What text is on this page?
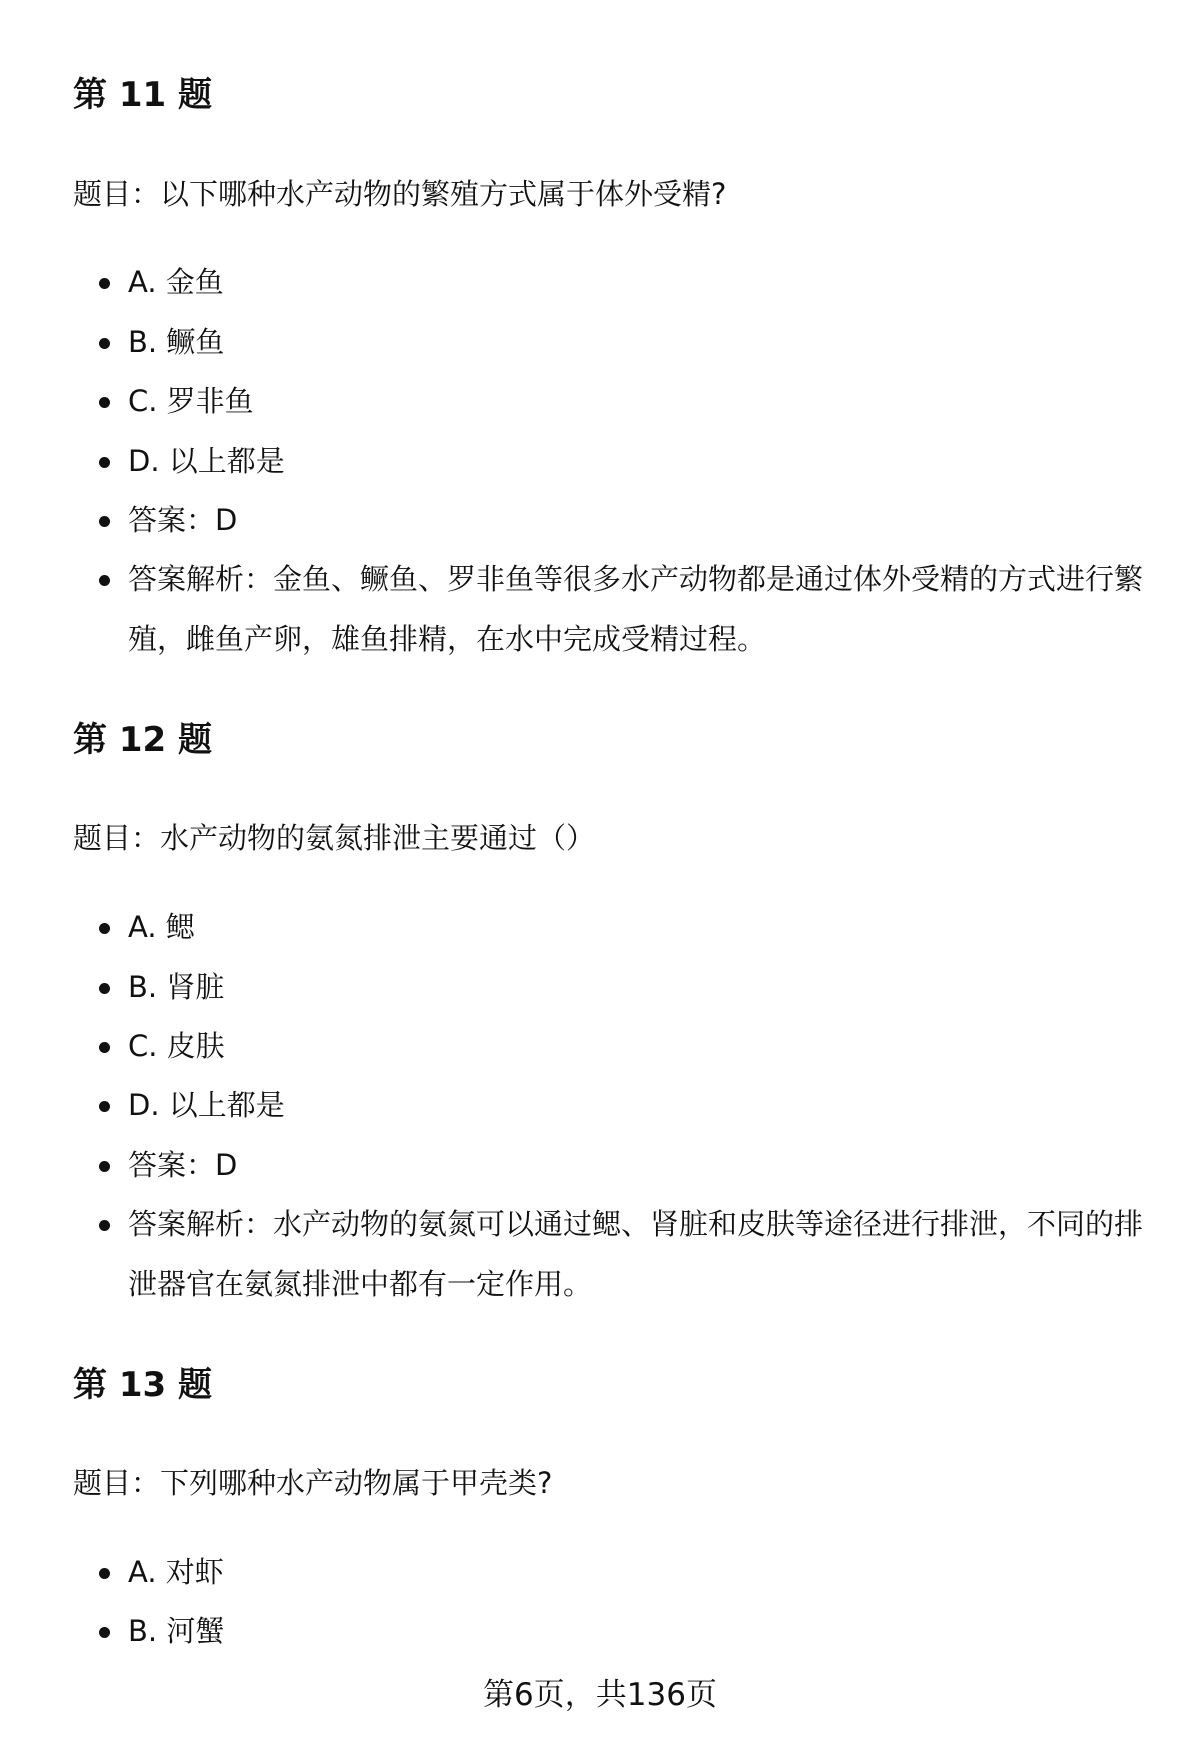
第 11 题

题目：以下哪种水产动物的繁殖方式属于体外受精?

A. 金鱼

B. 鳜鱼

C. 罗非鱼

D. 以上都是

答案：D

答案解析：金鱼、鳜鱼、罗非鱼等很多水产动物都是通过体外受精的方式进行繁殖，雌鱼产卵，雄鱼排精，在水中完成受精过程。

第 12 题

题目：水产动物的氨氮排泄主要通过（）

A. 鳃

B. 肾脏

C. 皮肤

D. 以上都是

答案：D

答案解析：水产动物的氨氮可以通过鳃、肾脏和皮肤等途径进行排泄，不同的排泄器官在氨氮排泄中都有一定作用。

第 13 题

题目：下列哪种水产动物属于甲壳类?

A. 对虾

B. 河蟹

第6页，共136页
